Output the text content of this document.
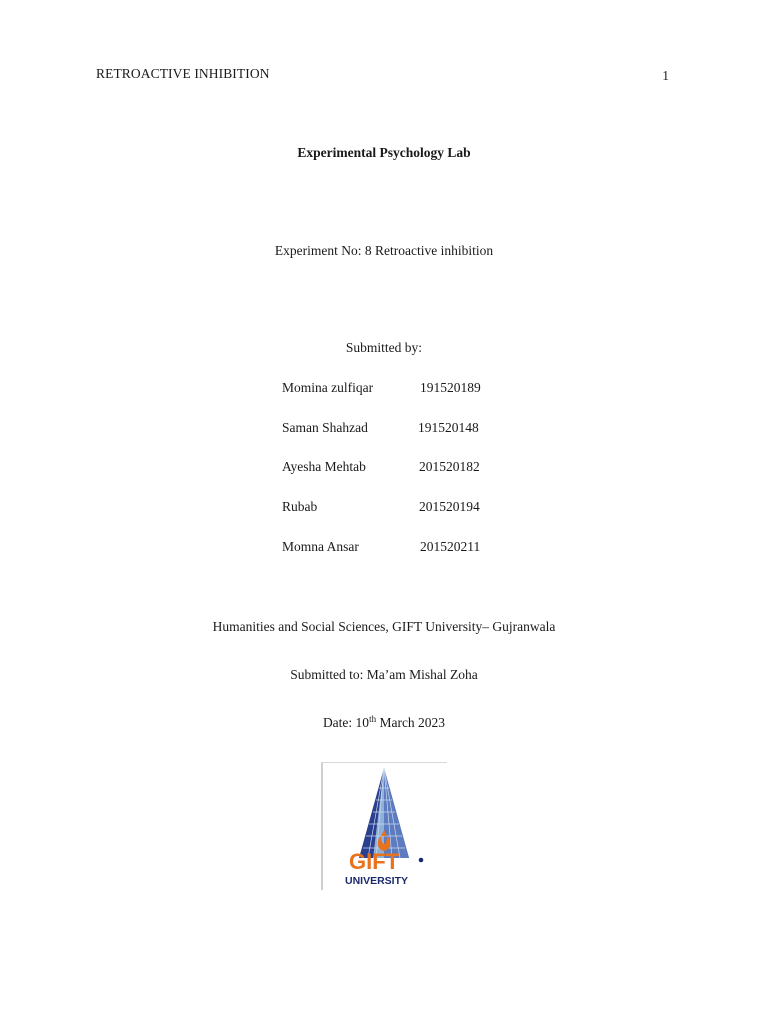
RETROACTIVE INHIBITION	1
Experimental Psychology Lab
Experiment No: 8 Retroactive inhibition
Submitted by:
Momina zulfiqar	191520189
Saman Shahzad	191520148
Ayesha Mehtab	201520182
Rubab	201520194
Momna Ansar	201520211
Humanities and Social Sciences, GIFT University– Gujranwala
Submitted to: Ma’am Mishal Zoha
Date: 10th March 2023
GIFT
UNIVERSITY
